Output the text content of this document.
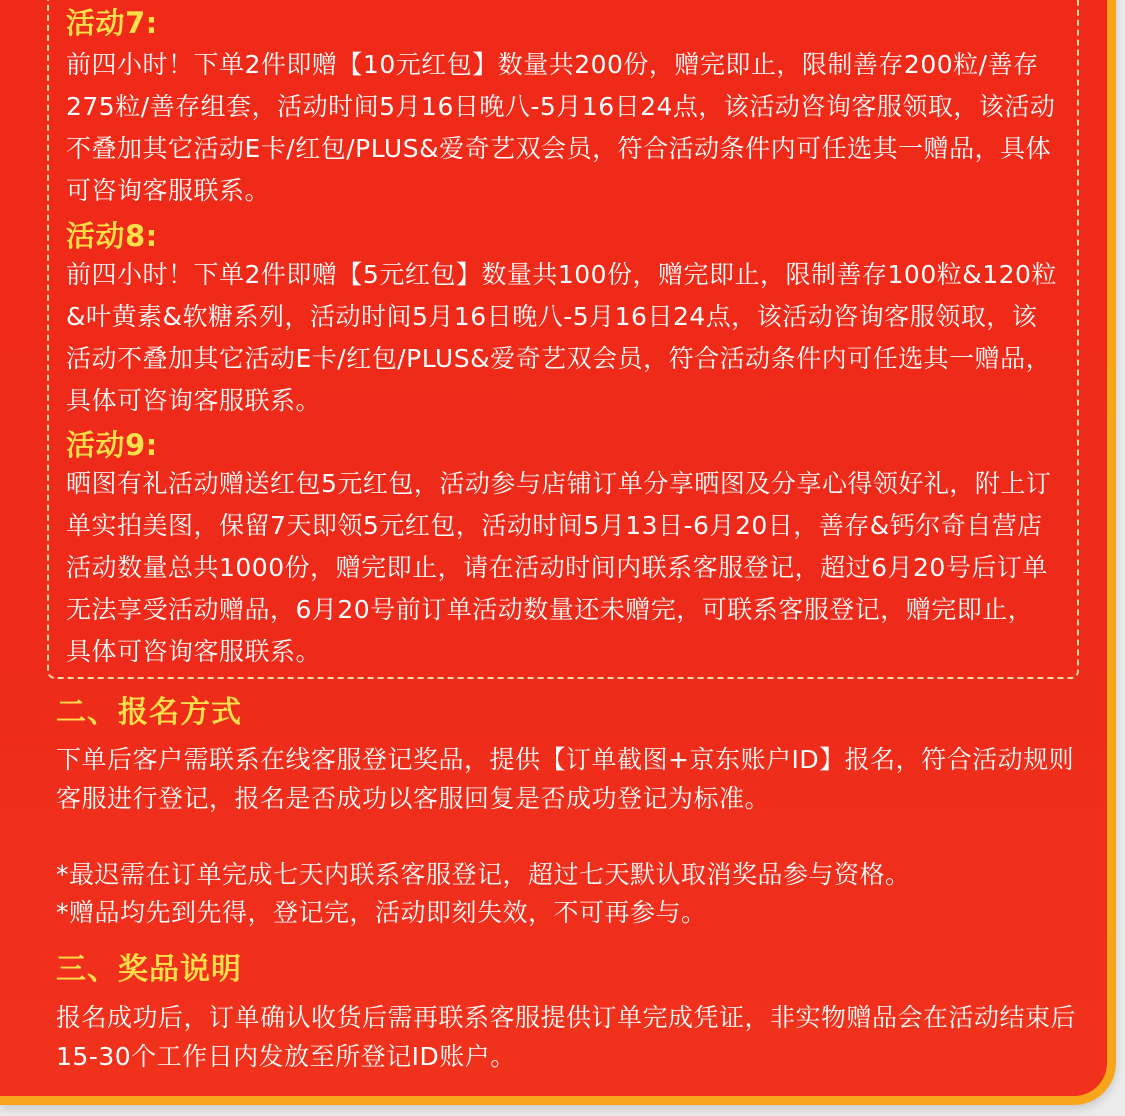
活动7:

前四小时！下单2件即赠【10元红包】数量共200份，赠完即止，限制善存200粒/善存275粒/善存组套，活动时间5月16日晚八-5月16日24点，该活动咨询客服领取，该活动不叠加其它活动E卡/红包/PLUS&爱奇艺双会员，符合活动条件内可任选其一赠品，具体可咨询客服联系。

活动8:

前四小时！下单2件即赠【5元红包】数量共100份，赠完即止，限制善存100粒&120粒&叶黄素&软糖系列，活动时间5月16日晚八-5月16日24点，该活动咨询客服领取，该活动不叠加其它活动E卡/红包/PLUS&爱奇艺双会员，符合活动条件内可任选其一赠品，具体可咨询客服联系。

活动9:

晒图有礼活动赠送红包5元红包，活动参与店铺订单分享晒图及分享心得领好礼，附上订单实拍美图，保留7天即领5元红包，活动时间5月13日-6月20日，善存&钙尔奇自营店活动数量总共1000份，赠完即止，请在活动时间内联系客服登记，超过6月20号后订单无法享受活动赠品，6月20号前订单活动数量还未赠完，可联系客服登记，赠完即止，具体可咨询客服联系。

二、报名方式

下单后客户需联系在线客服登记奖品，提供【订单截图+京东账户ID】报名，符合活动规则客服进行登记，报名是否成功以客服回复是否成功登记为标准。

*最迟需在订单完成七天内联系客服登记，超过七天默认取消奖品参与资格。

*赠品均先到先得，登记完，活动即刻失效，不可再参与。

三、奖品说明

报名成功后，订单确认收货后需再联系客服提供订单完成凭证，非实物赠品会在活动结束后15-30个工作日内发放至所登记ID账户。
